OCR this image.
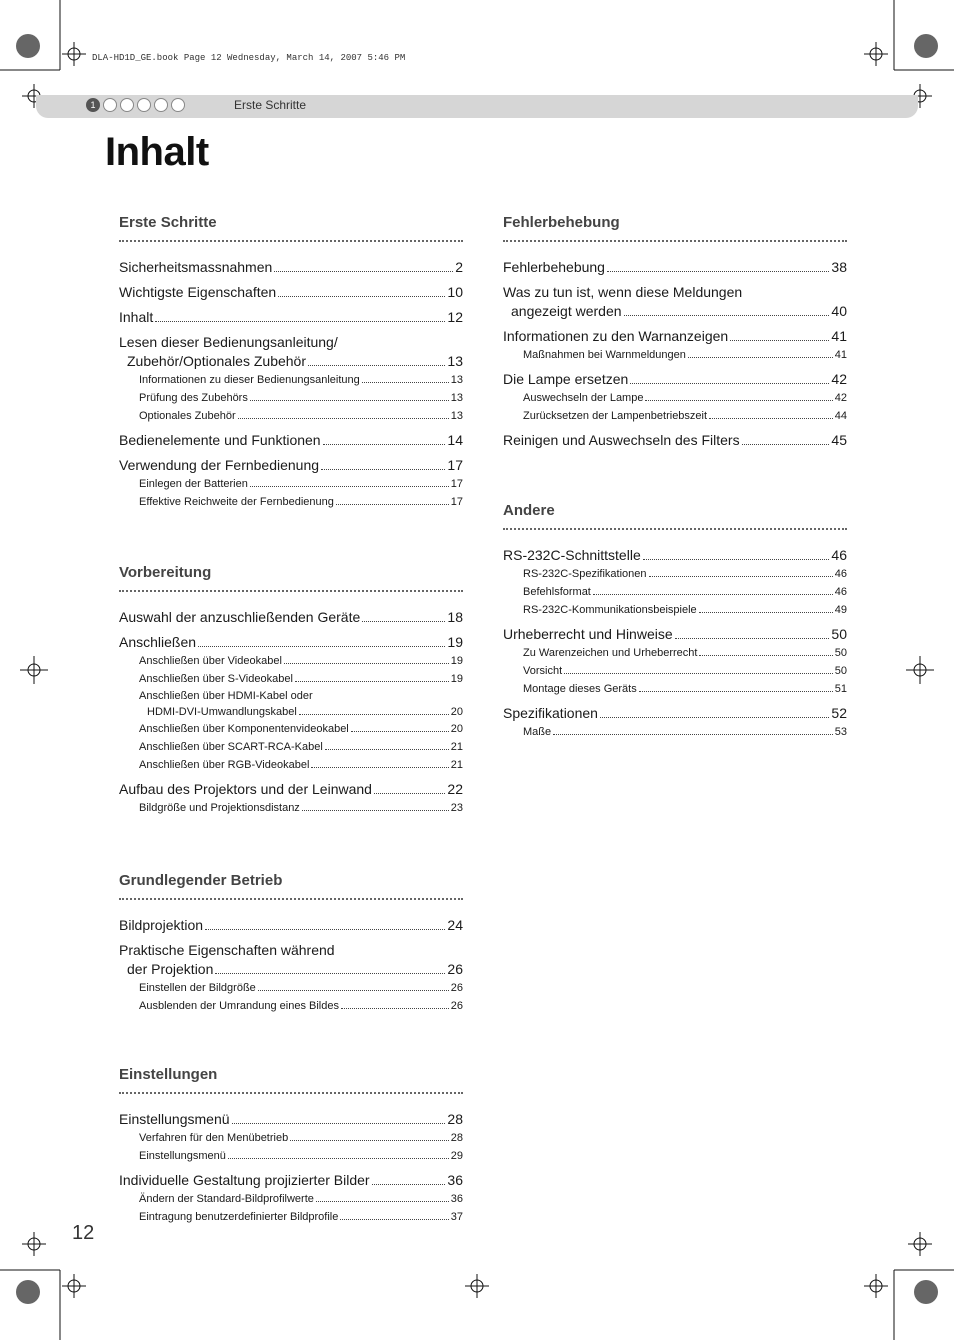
DLA-HD1D_GE.book Page 12 Wednesday, March 14, 2007 5:46 PM
1	Erste Schritte
Inhalt
Erste Schritte
Sicherheitsmassnahmen	2
Wichtigste Eigenschaften	10
Inhalt	12
Lesen dieser Bedienungsanleitung/
Zubehör/Optionales Zubehör	13
Informationen zu dieser Bedienungsanleitung	13
Prüfung des Zubehörs	13
Optionales Zubehör	13
Bedienelemente und Funktionen	14
Verwendung der Fernbedienung	17
Einlegen der Batterien	17
Effektive Reichweite der Fernbedienung	17
Vorbereitung
Auswahl der anzuschließenden Geräte	18
Anschließen	19
Anschließen über Videokabel	19
Anschließen über S-Videokabel	19
Anschließen über HDMI-Kabel oder
HDMI-DVI-Umwandlungskabel	20
Anschließen über Komponentenvideokabel	20
Anschließen über SCART-RCA-Kabel	21
Anschließen über RGB-Videokabel	21
Aufbau des Projektors und der Leinwand	22
Bildgröße und Projektionsdistanz	23
Grundlegender Betrieb
Bildprojektion	24
Praktische Eigenschaften während
der Projektion	26
Einstellen der Bildgröße	26
Ausblenden der Umrandung eines Bildes	26
Einstellungen
Einstellungsmenü	28
Verfahren für den Menübetrieb	28
Einstellungsmenü	29
Individuelle Gestaltung projizierter Bilder	36
Ändern der Standard-Bildprofilwerte	36
Eintragung benutzerdefinierter Bildprofile	37
Fehlerbehebung
Fehlerbehebung	38
Was zu tun ist, wenn diese Meldungen
angezeigt werden	40
Informationen zu den Warnanzeigen	41
Maßnahmen bei Warnmeldungen	41
Die Lampe ersetzen	42
Auswechseln der Lampe	42
Zurücksetzen der Lampenbetriebszeit	44
Reinigen und Auswechseln des Filters	45
Andere
RS-232C-Schnittstelle	46
RS-232C-Spezifikationen	46
Befehlsformat	46
RS-232C-Kommunikationsbeispiele	49
Urheberrecht und Hinweise	50
Zu Warenzeichen und Urheberrecht	50
Vorsicht	50
Montage dieses Geräts	51
Spezifikationen	52
Maße	53
12
